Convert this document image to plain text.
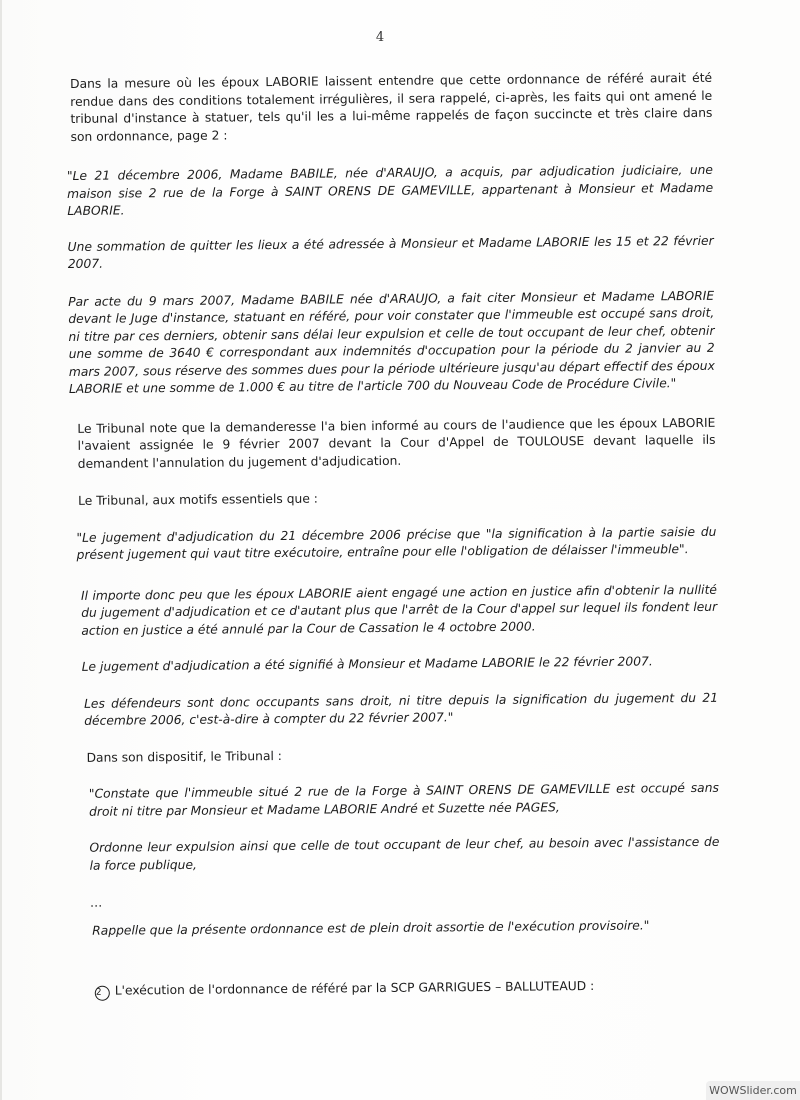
4

Dans la mesure où les époux LABORIE laissent entendre que cette ordonnance de référé aurait été rendue dans des conditions totalement irrégulières, il sera rappelé, ci-après, les faits qui ont amené le tribunal d'instance à statuer, tels qu'il les a lui-même rappelés de façon succincte et très claire dans son ordonnance, page 2 :

"Le 21 décembre 2006, Madame BABILE, née d'ARAUJO, a acquis, par adjudication judiciaire, une maison sise 2 rue de la Forge à SAINT ORENS DE GAMEVILLE, appartenant à Monsieur et Madame LABORIE.

Une sommation de quitter les lieux a été adressée à Monsieur et Madame LABORIE les 15 et 22 février 2007.

Par acte du 9 mars 2007, Madame BABILE née d'ARAUJO, a fait citer Monsieur et Madame LABORIE devant le Juge d'instance, statuant en référé, pour voir constater que l'immeuble est occupé sans droit, ni titre par ces derniers, obtenir sans délai leur expulsion et celle de tout occupant de leur chef, obtenir une somme de 3640 € correspondant aux indemnités d'occupation pour la période du 2 janvier au 2 mars 2007, sous réserve des sommes dues pour la période ultérieure jusqu'au départ effectif des époux LABORIE et une somme de 1.000 € au titre de l'article 700 du Nouveau Code de Procédure Civile."

Le Tribunal note que la demanderesse l'a bien informé au cours de l'audience que les époux LABORIE l'avaient assignée le 9 février 2007 devant la Cour d'Appel de TOULOUSE devant laquelle ils demandent l'annulation du jugement d'adjudication.

Le Tribunal, aux motifs essentiels que :

"Le jugement d'adjudication du 21 décembre 2006 précise que "la signification à la partie saisie du présent jugement qui vaut titre exécutoire, entraîne pour elle l'obligation de délaisser l'immeuble".

Il importe donc peu que les époux LABORIE aient engagé une action en justice afin d'obtenir la nullité du jugement d'adjudication et ce d'autant plus que l'arrêt de la Cour d'appel sur lequel ils fondent leur action en justice a été annulé par la Cour de Cassation le 4 octobre 2000.

Le jugement d'adjudication a été signifié à Monsieur et Madame LABORIE le 22 février 2007.

Les défendeurs sont donc occupants sans droit, ni titre depuis la signification du jugement du 21 décembre 2006, c'est-à-dire à compter du 22 février 2007."

Dans son dispositif, le Tribunal :

"Constate que l'immeuble situé 2 rue de la Forge à SAINT ORENS DE GAMEVILLE est occupé sans droit ni titre par Monsieur et Madame LABORIE André et Suzette née PAGES,

Ordonne leur expulsion ainsi que celle de tout occupant de leur chef, au besoin avec l'assistance de la force publique,

…

Rappelle que la présente ordonnance est de plein droit assortie de l'exécution provisoire."

2 L'exécution de l'ordonnance de référé par la SCP GARRIGUES – BALLUTEAUD :

WOWSlider.com
